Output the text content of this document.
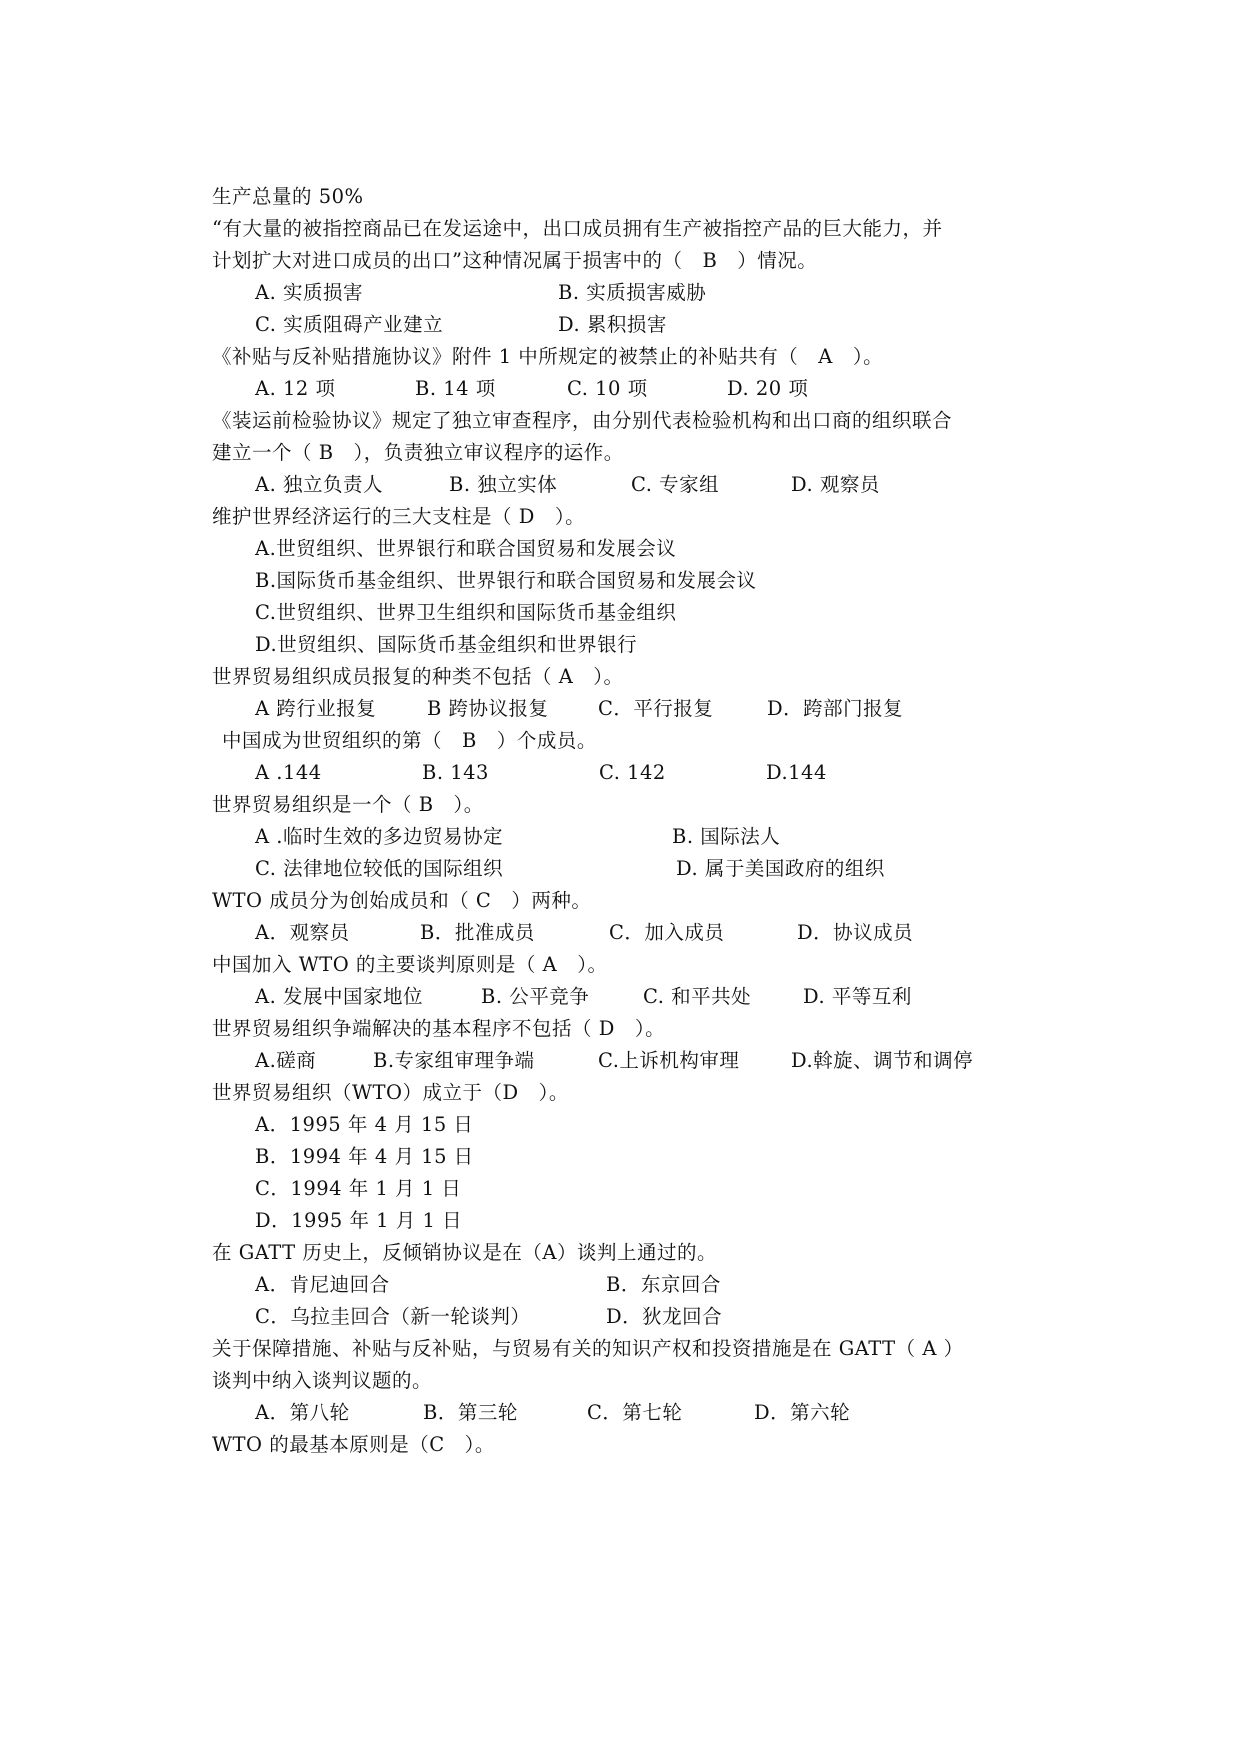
生产总量的 50%
“有大量的被指控商品已在发运途中，出口成员拥有生产被指控产品的巨大能力，并
计划扩大对进口成员的出口”这种情况属于损害中的（　B　）情况。
A. 实质损害	B. 实质损害威胁
C. 实质阻碍产业建立	D. 累积损害
《补贴与反补贴措施协议》附件 1 中所规定的被禁止的补贴共有（　A　）。
A. 12 项	B. 14 项	C. 10 项	D. 20 项
《装运前检验协议》规定了独立审查程序，由分别代表检验机构和出口商的组织联合
建立一个（ B　），负责独立审议程序的运作。
A. 独立负责人	B. 独立实体	C. 专家组	D. 观察员
维护世界经济运行的三大支柱是（ D　）。
A.世贸组织、世界银行和联合国贸易和发展会议
B.国际货币基金组织、世界银行和联合国贸易和发展会议
C.世贸组织、世界卫生组织和国际货币基金组织
D.世贸组织、国际货币基金组织和世界银行
世界贸易组织成员报复的种类不包括（ A　）。
A 跨行业报复	B 跨协议报复	C．平行报复	D．跨部门报复
中国成为世贸组织的第（　B　）个成员。
A .144	B. 143	C. 142	D.144
世界贸易组织是一个（ B　）。
A .临时生效的多边贸易协定	B. 国际法人
C. 法律地位较低的国际组织	D. 属于美国政府的组织
WTO 成员分为创始成员和（ C　）两种。
A．观察员	B．批准成员	C．加入成员	D．协议成员
中国加入 WTO 的主要谈判原则是（ A　）。
A. 发展中国家地位	B. 公平竞争	C. 和平共处	D. 平等互利
世界贸易组织争端解决的基本程序不包括（ D　）。
A.磋商	B.专家组审理争端	C.上诉机构审理	D.斡旋、调节和调停
世界贸易组织（WTO）成立于（D　）。
A．1995 年 4 月 15 日
B．1994 年 4 月 15 日
C．1994 年 1 月 1 日
D．1995 年 1 月 1 日
在 GATT 历史上，反倾销协议是在（A）谈判上通过的。
A．肯尼迪回合	B．东京回合
C．乌拉圭回合（新一轮谈判）	D．狄龙回合
关于保障措施、补贴与反补贴，与贸易有关的知识产权和投资措施是在 GATT（ A ）
谈判中纳入谈判议题的。
A．第八轮	B．第三轮	C．第七轮	D．第六轮
WTO 的最基本原则是（C　）。
